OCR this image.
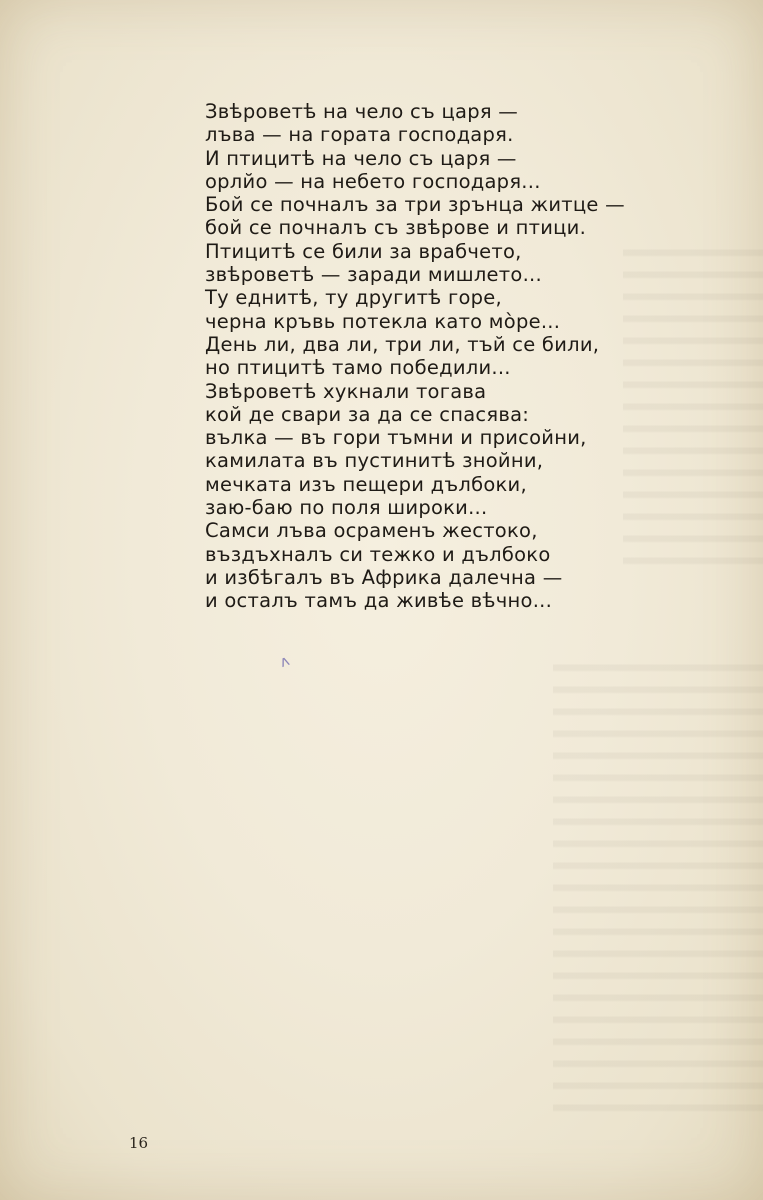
Звѣроветѣ на чело съ царя —
лъва — на гората господаря.
И птицитѣ на чело съ царя —
орлйо — на небето господаря...
Бой се почналъ за три зрънца житце —
бой се почналъ съ звѣрове и птици.
Птицитѣ се били за врабчето,
звѣроветѣ — заради мишлето...
Ту еднитѣ, ту другитѣ горе,
черна кръвь потекла като мòре...
День ли, два ли, три ли, тъй се били,
но птицитѣ тамо победили...
Звѣроветѣ хукнали тогава
кой де свари за да се спасява:
вълка — въ гори тъмни и присойни,
камилата въ пустинитѣ знойни,
мечката изъ пещери дълбоки,
заю-баю по поля широки...
Самси лъва осраменъ жестоко,
въздъхналъ си тежко и дълбоко
и избѣгалъ въ Африка далечна —
и осталъ тамъ да живѣе вѣчно...
ʌ
16
